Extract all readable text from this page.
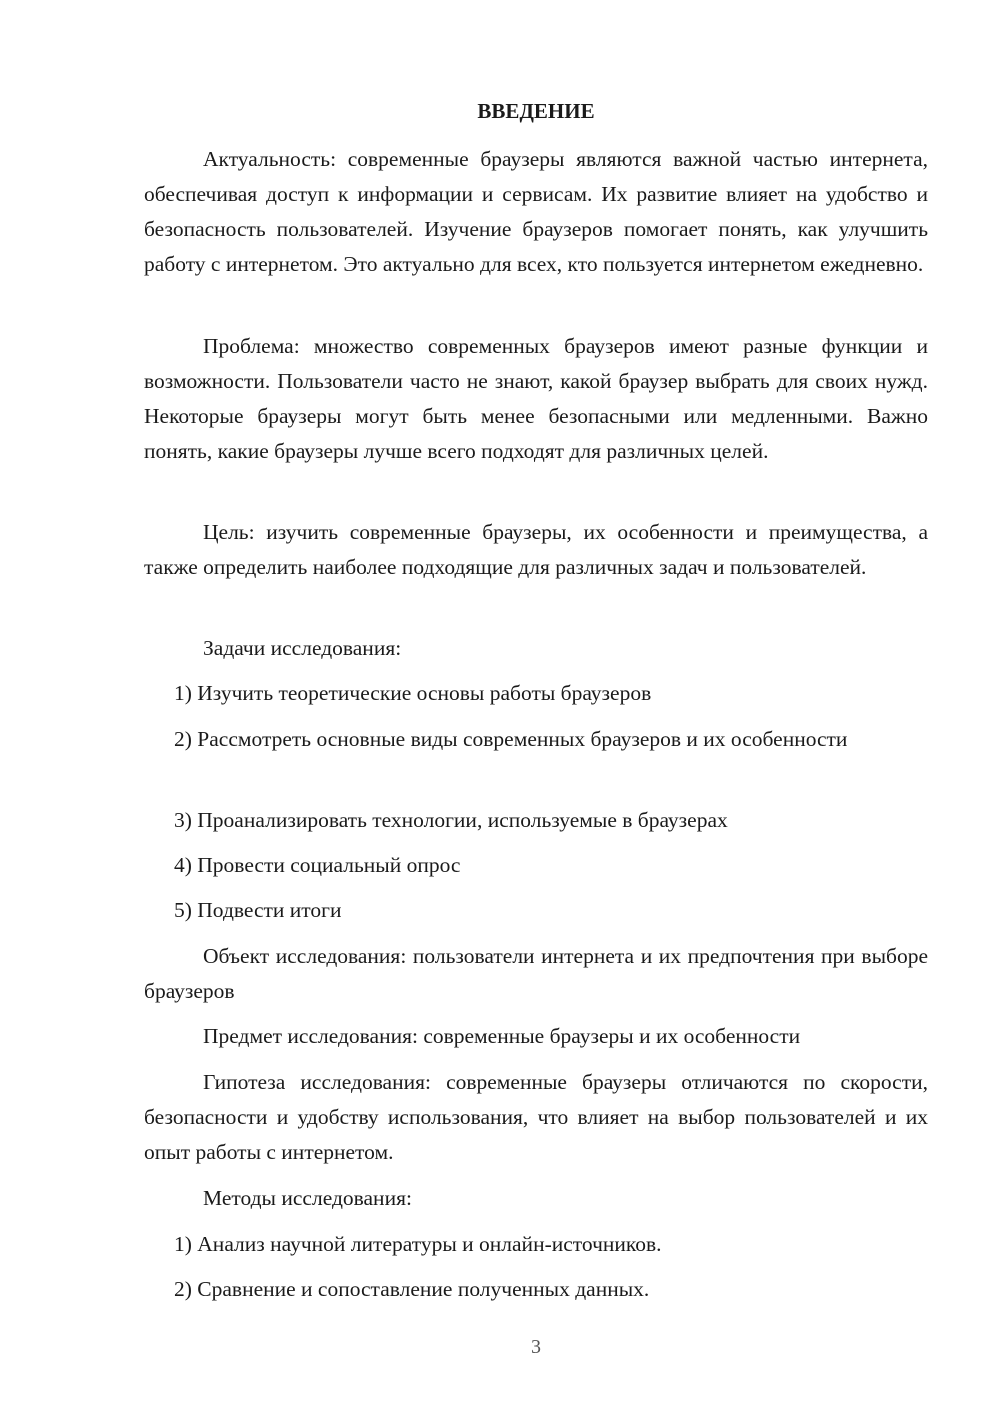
ВВЕДЕНИЕ

Актуальность: современные браузеры являются важной частью интернета, обеспечивая доступ к информации и сервисам. Их развитие влияет на удобство и безопасность пользователей. Изучение браузеров помогает понять, как улучшить работу с интернетом. Это актуально для всех, кто пользуется интернетом ежедневно.

Проблема: множество современных браузеров имеют разные функции и возможности. Пользователи часто не знают, какой браузер выбрать для своих нужд. Некоторые браузеры могут быть менее безопасными или медленными. Важно понять, какие браузеры лучше всего подходят для различных целей.

Цель: изучить современные браузеры, их особенности и преимущества, а также определить наиболее подходящие для различных задач и пользователей.

Задачи исследования:

1) Изучить теоретические основы работы браузеров

2) Рассмотреть основные виды современных браузеров и их особенности

3) Проанализировать технологии, используемые в браузерах

4) Провести социальный опрос

5) Подвести итоги

Объект исследования: пользователи интернета и их предпочтения при выборе браузеров

Предмет исследования: современные браузеры и их особенности

Гипотеза исследования: современные браузеры отличаются по скорости, безопасности и удобству использования, что влияет на выбор пользователей и их опыт работы с интернетом.

Методы исследования:

1) Анализ научной литературы и онлайн-источников.

2) Сравнение и сопоставление полученных данных.

3
